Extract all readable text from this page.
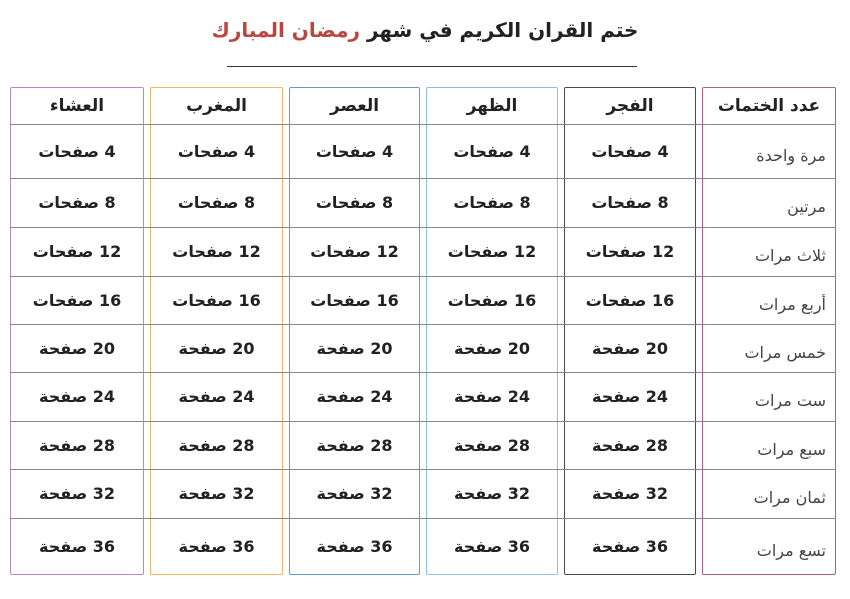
ختم القران الكريم في شهر رمضان المبارك
عدد الختمات
الفجر
الظهر
العصر
المغرب
العشاء
مرة واحدة
4 صفحات
4 صفحات
4 صفحات
4 صفحات
4 صفحات
مرتين
8 صفحات
8 صفحات
8 صفحات
8 صفحات
8 صفحات
ثلاث مرات
12 صفحات
12 صفحات
12 صفحات
12 صفحات
12 صفحات
أربع مرات
16 صفحات
16 صفحات
16 صفحات
16 صفحات
16 صفحات
خمس مرات
20 صفحة
20 صفحة
20 صفحة
20 صفحة
20 صفحة
ست مرات
24 صفحة
24 صفحة
24 صفحة
24 صفحة
24 صفحة
سبع مرات
28 صفحة
28 صفحة
28 صفحة
28 صفحة
28 صفحة
ثمان مرات
32 صفحة
32 صفحة
32 صفحة
32 صفحة
32 صفحة
تسع مرات
36 صفحة
36 صفحة
36 صفحة
36 صفحة
36 صفحة
